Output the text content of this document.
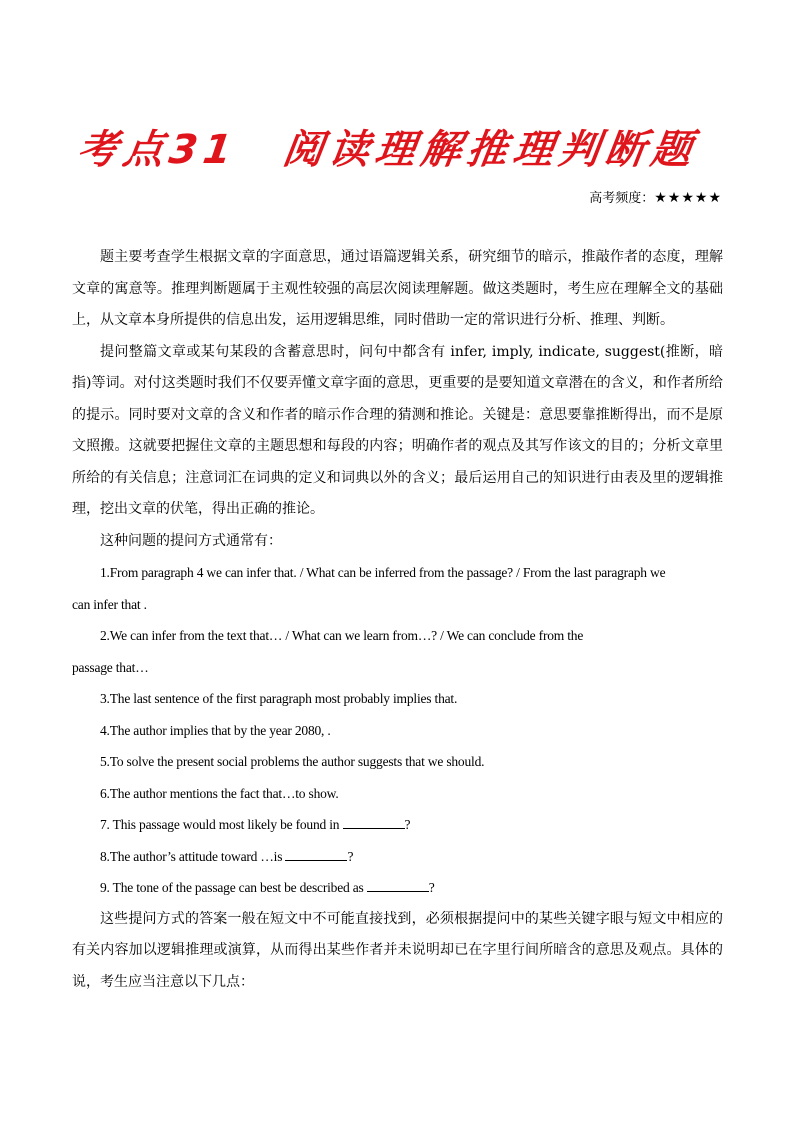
考点31　阅读理解推理判断题
高考频度：★★★★★

题主要考查学生根据文章的字面意思，通过语篇逻辑关系，研究细节的暗示，推敲作者的态度，理解文章的寓意等。推理判断题属于主观性较强的高层次阅读理解题。做这类题时，考生应在理解全文的基础上，从文章本身所提供的信息出发，运用逻辑思维，同时借助一定的常识进行分析、推理、判断。

提问整篇文章或某句某段的含蓄意思时，问句中都含有 infer, imply, indicate, suggest(推断，暗指)等词。对付这类题时我们不仅要弄懂文章字面的意思，更重要的是要知道文章潜在的含义，和作者所给的提示。同时要对文章的含义和作者的暗示作合理的猜测和推论。关键是：意思要靠推断得出，而不是原文照搬。这就要把握住文章的主题思想和每段的内容；明确作者的观点及其写作该文的目的；分析文章里所给的有关信息；注意词汇在词典的定义和词典以外的含义；最后运用自己的知识进行由表及里的逻辑推理，挖出文章的伏笔，得出正确的推论。

这种问题的提问方式通常有：

1.From paragraph 4 we can infer that. / What can be inferred from the passage? / From the last paragraph we

can infer that .

2.We can infer from the text that… / What can we learn from…? / We can conclude from the

passage that…

3.The last sentence of the first paragraph most probably implies that.

4.The author implies that by the year 2080, .

5.To solve the present social problems the author suggests that we should.

6.The author mentions the fact that…to show.

7. This passage would most likely be found in	?

8.The author’s attitude toward …is	?

9. The tone of the passage can best be described as	?

这些提问方式的答案一般在短文中不可能直接找到，必须根据提问中的某些关键字眼与短文中相应的有关内容加以逻辑推理或演算，从而得出某些作者并未说明却已在字里行间所暗含的意思及观点。具体的说，考生应当注意以下几点：
